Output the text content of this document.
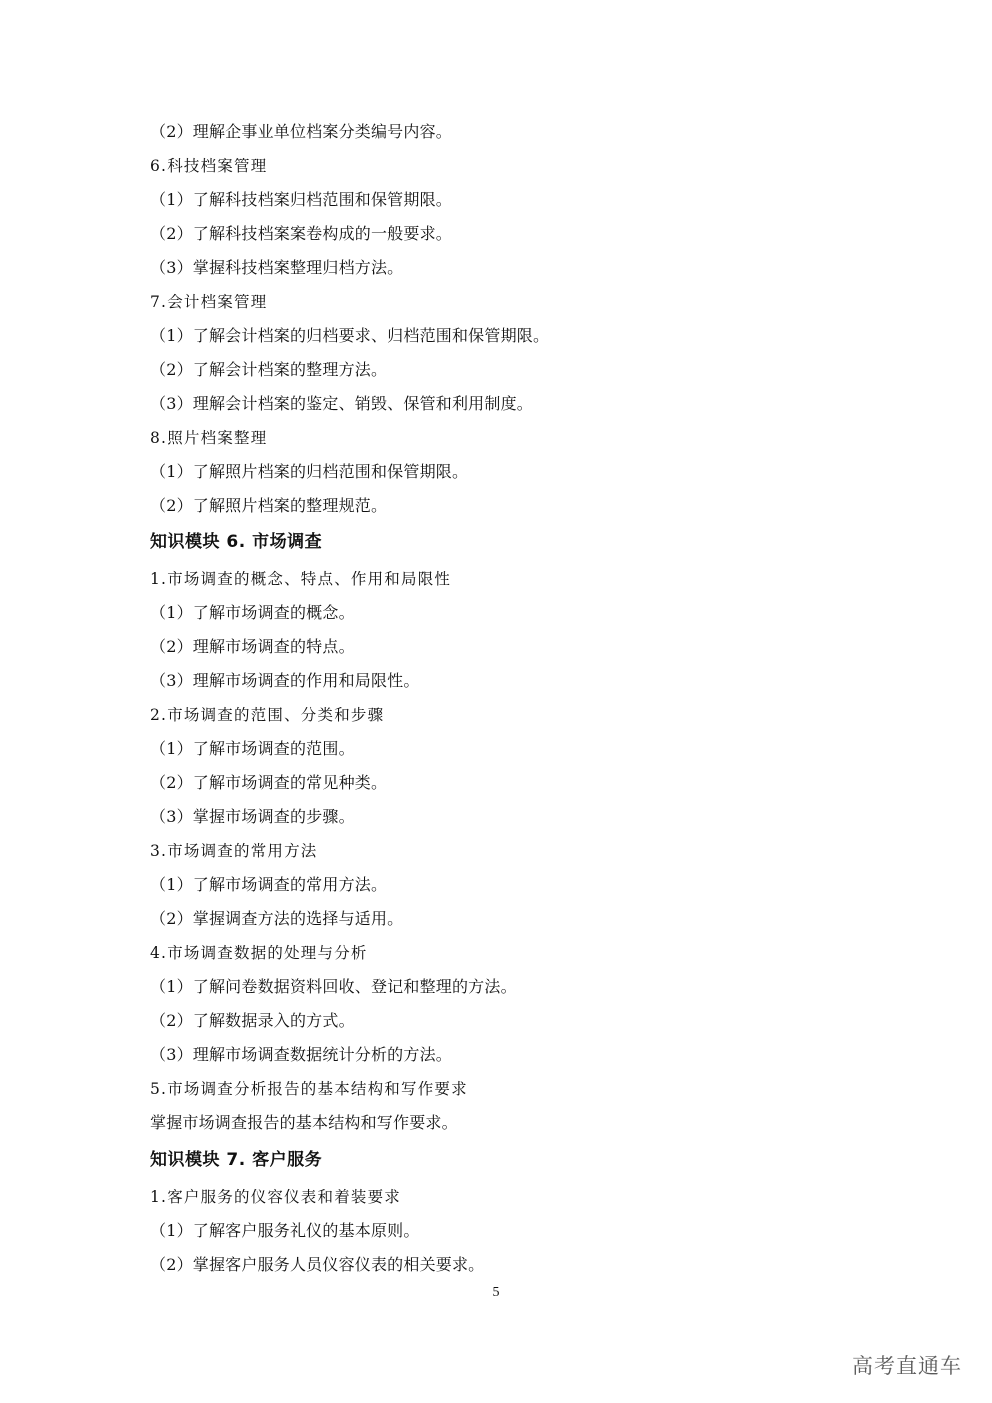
（2）理解企事业单位档案分类编号内容。
6.科技档案管理
（1）了解科技档案归档范围和保管期限。
（2）了解科技档案案卷构成的一般要求。
（3）掌握科技档案整理归档方法。
7.会计档案管理
（1）了解会计档案的归档要求、归档范围和保管期限。
（2）了解会计档案的整理方法。
（3）理解会计档案的鉴定、销毁、保管和利用制度。
8.照片档案整理
（1）了解照片档案的归档范围和保管期限。
（2）了解照片档案的整理规范。
知识模块 6. 市场调查
1.市场调查的概念、特点、作用和局限性
（1）了解市场调查的概念。
（2）理解市场调查的特点。
（3）理解市场调查的作用和局限性。
2.市场调查的范围、分类和步骤
（1）了解市场调查的范围。
（2）了解市场调查的常见种类。
（3）掌握市场调查的步骤。
3.市场调查的常用方法
（1）了解市场调查的常用方法。
（2）掌握调查方法的选择与适用。
4.市场调查数据的处理与分析
（1）了解问卷数据资料回收、登记和整理的方法。
（2）了解数据录入的方式。
（3）理解市场调查数据统计分析的方法。
5.市场调查分析报告的基本结构和写作要求
掌握市场调查报告的基本结构和写作要求。
知识模块 7. 客户服务
1.客户服务的仪容仪表和着装要求
（1）了解客户服务礼仪的基本原则。
（2）掌握客户服务人员仪容仪表的相关要求。
5
高考直通车
